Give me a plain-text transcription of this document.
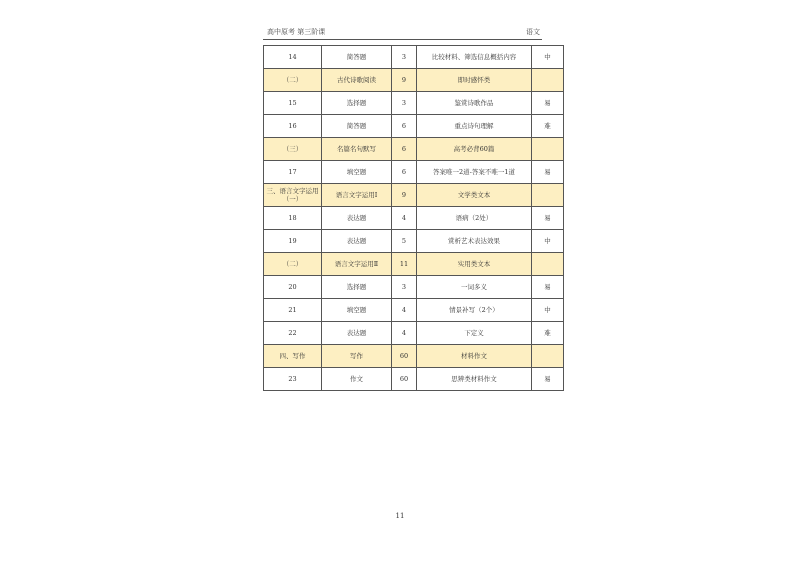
高中原考 第三阶课	语文
14	简答题	3	比较材料、筛选信息概括内容	中
（二）	古代诗歌阅读	9	即时感怀类	
15	选择题	3	鉴赏诗歌作品	易
16	简答题	6	重点诗句理解	难
（三）	名篇名句默写	6	高考必背60篇	
17	填空题	6	答案唯一2道-答案不唯一1道	易
三、语言文字运用（一）	语言文字运用Ⅰ	9	文学类文本	
18	表达题	4	语病（2处）	易
19	表达题	5	赏析艺术表达效果	中
（二）	语言文字运用Ⅱ	11	实用类文本	
20	选择题	3	一词多义	易
21	填空题	4	情景补写（2个）	中
22	表达题	4	下定义	难
四、写作	写作	60	材料作文	
23	作文	60	思辨类材料作文	易
11
